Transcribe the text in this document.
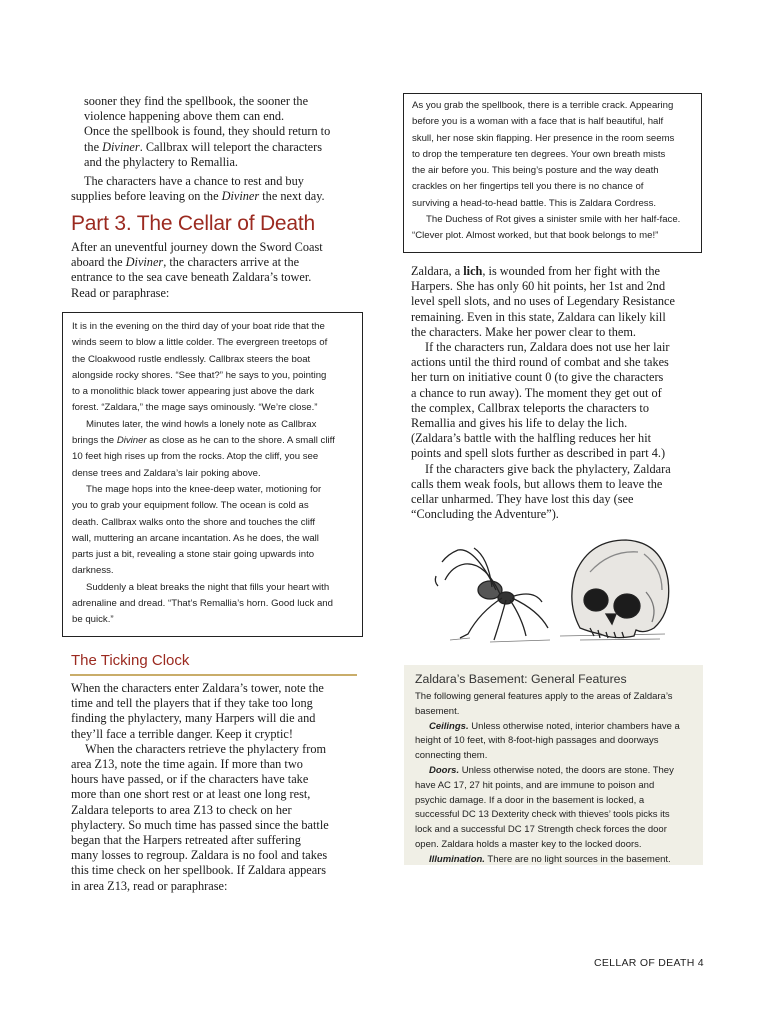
sooner they find the spellbook, the sooner the

violence happening above them can end.

Once the spellbook is found, they should return to

the Diviner. Callbrax will teleport the characters

and the phylactery to Remallia.

The characters have a chance to rest and buy

supplies before leaving on the Diviner the next day.

Part 3. The Cellar of Death

After an uneventful journey down the Sword Coast

aboard the Diviner, the characters arrive at the

entrance to the sea cave beneath Zaldara’s tower.

Read or paraphrase:

It is in the evening on the third day of your boat ride that the

winds seem to blow a little colder. The evergreen treetops of

the Cloakwood rustle endlessly. Callbrax steers the boat

alongside rocky shores. “See that?” he says to you, pointing

to a monolithic black tower appearing just above the dark

forest. “Zaldara,” the mage says ominously. “We’re close.”

Minutes later, the wind howls a lonely note as Callbrax

brings the Diviner as close as he can to the shore. A small cliff

10 feet high rises up from the rocks. Atop the cliff, you see

dense trees and Zaldara’s lair poking above.

The mage hops into the knee-deep water, motioning for

you to grab your equipment follow. The ocean is cold as

death. Callbrax walks onto the shore and touches the cliff

wall, muttering an arcane incantation. As he does, the wall

parts just a bit, revealing a stone stair going upwards into

darkness.

Suddenly a bleat breaks the night that fills your heart with

adrenaline and dread. “That’s Remallia’s horn. Good luck and

be quick.”

The Ticking Clock

When the characters enter Zaldara’s tower, note the

time and tell the players that if they take too long

finding the phylactery, many Harpers will die and

they’ll face a terrible danger. Keep it cryptic!

When the characters retrieve the phylactery from

area Z13, note the time again. If more than two

hours have passed, or if the characters have take

more than one short rest or at least one long rest,

Zaldara teleports to area Z13 to check on her

phylactery. So much time has passed since the battle

began that the Harpers retreated after suffering

many losses to regroup. Zaldara is no fool and takes

this time check on her spellbook. If Zaldara appears

in area Z13, read or paraphrase:

As you grab the spellbook, there is a terrible crack. Appearing

before you is a woman with a face that is half beautiful, half

skull, her nose skin flapping. Her presence in the room seems

to drop the temperature ten degrees. Your own breath mists

the air before you. This being’s posture and the way death

crackles on her fingertips tell you there is no chance of

surviving a head-to-head battle. This is Zaldara Cordress.

The Duchess of Rot gives a sinister smile with her half-face.

“Clever plot. Almost worked, but that book belongs to me!”

Zaldara, a lich, is wounded from her fight with the

Harpers. She has only 60 hit points, her 1st and 2nd

level spell slots, and no uses of Legendary Resistance

remaining. Even in this state, Zaldara can likely kill

the characters. Make her power clear to them.

If the characters run, Zaldara does not use her lair

actions until the third round of combat and she takes

her turn on initiative count 0 (to give the characters

a chance to run away). The moment they get out of

the complex, Callbrax teleports the characters to

Remallia and gives his life to delay the lich.

(Zaldara’s battle with the halfling reduces her hit

points and spell slots further as described in part 4.)

If the characters give back the phylactery, Zaldara

calls them weak fools, but allows them to leave the

cellar unharmed. They have lost this day (see

“Concluding the Adventure”).

Zaldara’s Basement: General Features

The following general features apply to the areas of Zaldara’s

basement.

Ceilings. Unless otherwise noted, interior chambers have a

height of 10 feet, with 8-foot-high passages and doorways

connecting them.

Doors. Unless otherwise noted, the doors are stone. They

have AC 17, 27 hit points, and are immune to poison and

psychic damage. If a door in the basement is locked, a

successful DC 13 Dexterity check with thieves’ tools picks its

lock and a successful DC 17 Strength check forces the door

open. Zaldara holds a master key to the locked doors.

Illumination. There are no light sources in the basement.

CELLAR OF DEATH 4
